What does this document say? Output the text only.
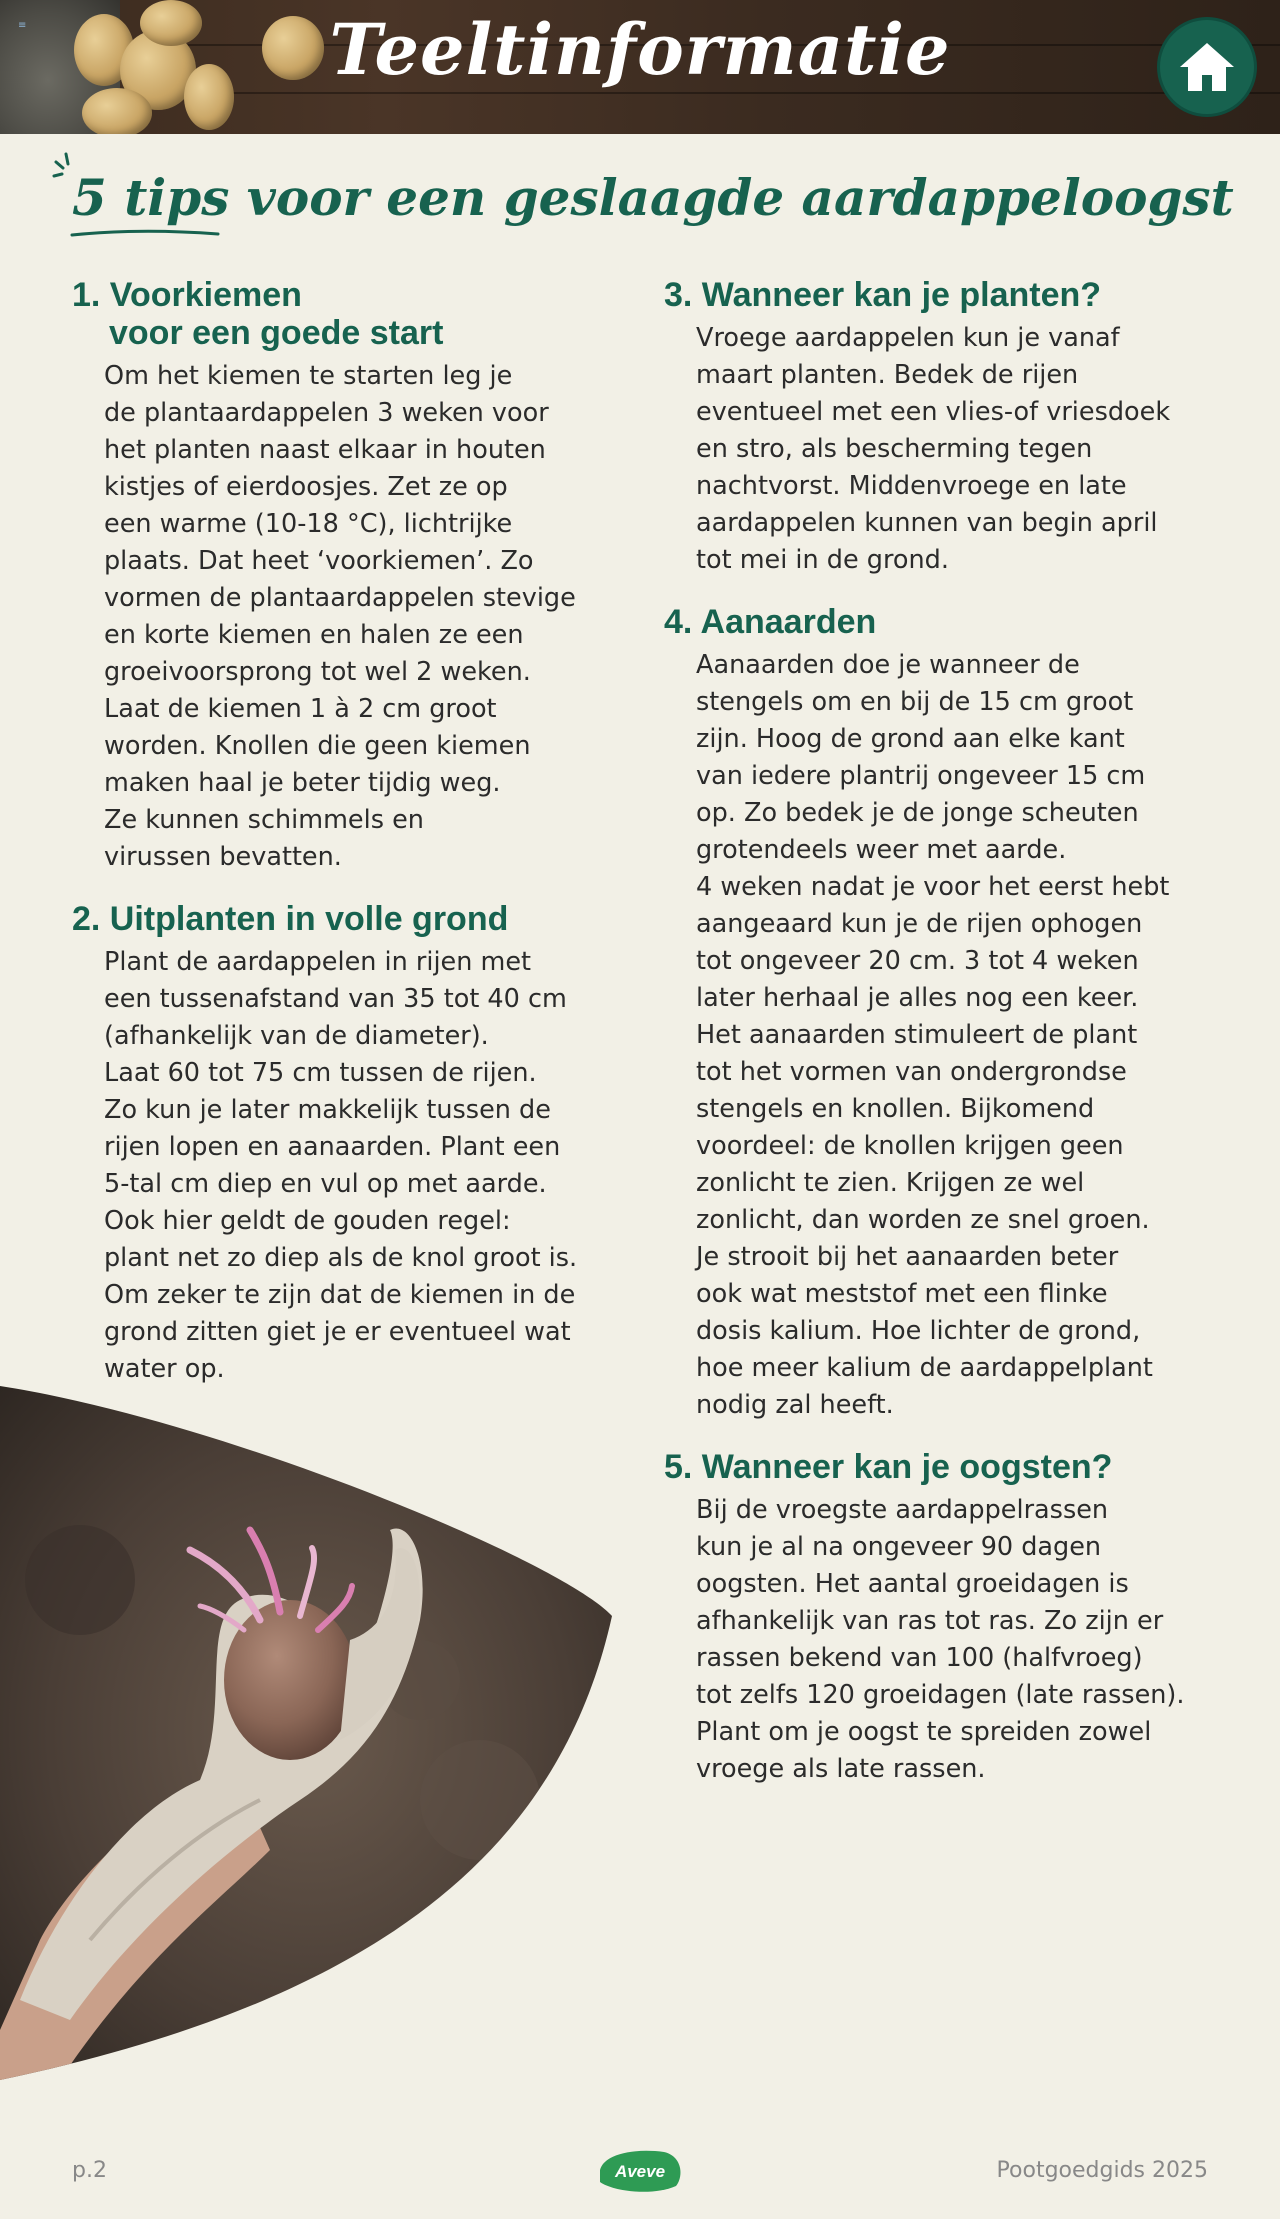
≡	Teeltinformatie
5 tips voor een geslaagde aardappeloogst
1. Voorkiemen
voor een goede start

Om het kiemen te starten leg je
de plantaardappelen 3 weken voor
het planten naast elkaar in houten
kistjes of eierdoosjes. Zet ze op
een warme (10-18 °C), lichtrijke
plaats. Dat heet ‘voorkiemen’. Zo
vormen de plantaardappelen stevige
en korte kiemen en halen ze een
groeivoorsprong tot wel 2 weken.
Laat de kiemen 1 à 2 cm groot
worden. Knollen die geen kiemen
maken haal je beter tijdig weg.
Ze kunnen schimmels en
virussen bevatten.

2. Uitplanten in volle grond

Plant de aardappelen in rijen met
een tussenafstand van 35 tot 40 cm
(afhankelijk van de diameter).
Laat 60 tot 75 cm tussen de rijen.
Zo kun je later makkelijk tussen de
rijen lopen en aanaarden. Plant een
5-tal cm diep en vul op met aarde.
Ook hier geldt de gouden regel:
plant net zo diep als de knol groot is.
Om zeker te zijn dat de kiemen in de
grond zitten giet je er eventueel wat
water op.

3. Wanneer kan je planten?

Vroege aardappelen kun je vanaf
maart planten. Bedek de rijen
eventueel met een vlies-of vriesdoek
en stro, als bescherming tegen
nachtvorst. Middenvroege en late
aardappelen kunnen van begin april
tot mei in de grond.

4. Aanaarden

Aanaarden doe je wanneer de
stengels om en bij de 15 cm groot
zijn. Hoog de grond aan elke kant
van iedere plantrij ongeveer 15 cm
op. Zo bedek je de jonge scheuten
grotendeels weer met aarde.
4 weken nadat je voor het eerst hebt
aangeaard kun je de rijen ophogen
tot ongeveer 20 cm. 3 tot 4 weken
later herhaal je alles nog een keer.
Het aanaarden stimuleert de plant
tot het vormen van ondergrondse
stengels en knollen. Bijkomend
voordeel: de knollen krijgen geen
zonlicht te zien. Krijgen ze wel
zonlicht, dan worden ze snel groen.
Je strooit bij het aanaarden beter
ook wat meststof met een flinke
dosis kalium. Hoe lichter de grond,
hoe meer kalium de aardappelplant
nodig zal heeft.

5. Wanneer kan je oogsten?

Bij de vroegste aardappelrassen
kun je al na ongeveer 90 dagen
oogsten. Het aantal groeidagen is
afhankelijk van ras tot ras. Zo zijn er
rassen bekend van 100 (halfvroeg)
tot zelfs 120 groeidagen (late rassen).
Plant om je oogst te spreiden zowel
vroege als late rassen.

p.2	Aveve	Pootgoedgids 2025
